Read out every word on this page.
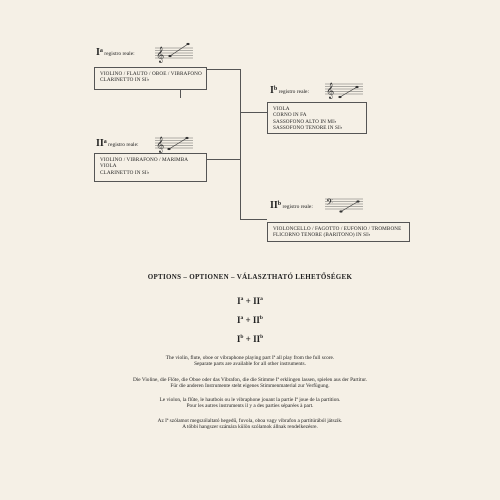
$I^a$ registro reale: 𝄞
VIOLINO / FLAUTO / OBOE / VIBRAFONO
CLARINETTO IN SI♭
$II^a$ registro reale: 𝄞
VIOLINO / VIBRAFONO / MARIMBA
VIOLA
CLARINETTO IN SI♭
$I^b$ registro reale: 𝄞
VIOLA
CORNO IN FA
SASSOFONO ALTO IN MI♭
SASSOFONO TENORE IN SI♭
$II^b$ registro reale: 𝄢
VIOLONCELLO / FAGOTTO / EUFONIO / TROMBONE
FLICORNO TENORE (BARITONO) IN SI♭
OPTIONS – OPTIONEN – VÁLASZTHATÓ LEHETŐSÉGEK
$I^a + II^a$
$I^a + II^b$
$I^b + II^b$
The violin, flute, oboe or vibraphone playing part Iª all play from the full score.
Separate parts are available for all other instruments.
Die Violine, die Flöte, die Oboe oder das Vibrafon, die die Stimme Iª erklingen lassen, spielen aus der Partitur.
Für die anderen Instrumente steht eigenes Stimmenmaterial zur Verfügung.
Le violon, la flûte, le hautbois ou le vibraphone jouant la partie Iª joue de la partition.
Pour les autres instruments il y a des parties séparées à part.
Az Iª szólamot megszólaltató hegedű, fuvola, oboa vagy vibrafon a partitúrából játszik.
A többi hangszer számára külön szólamok állnak rendelkezésre.
